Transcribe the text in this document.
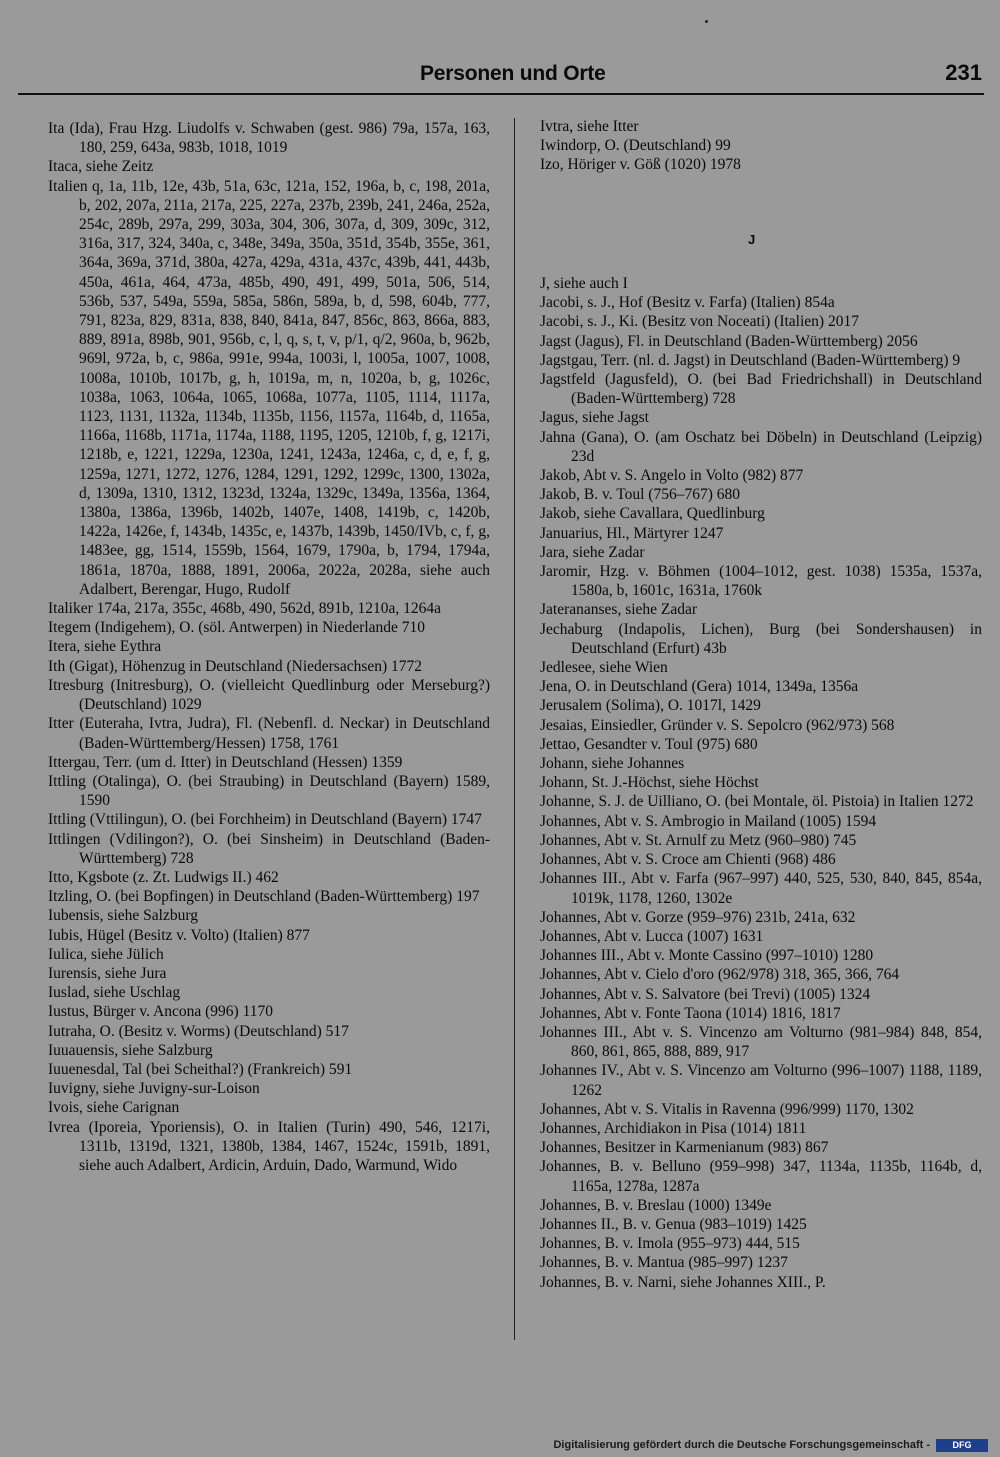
Personen und Orte	231
Ita (Ida), Frau Hzg. Liudolfs v. Schwaben (gest. 986) 79a, 157a, 163, 180, 259, 643a, 983b, 1018, 1019
Itaca, siehe Zeitz
Italien q, 1a, 11b, 12e, 43b, 51a, 63c, 121a, 152, 196a, b, c, 198, 201a, b, 202, 207a, 211a, 217a, 225, 227a, 237b, 239b, 241, 246a, 252a, 254c, 289b, 297a, 299, 303a, 304, 306, 307a, d, 309, 309c, 312, 316a, 317, 324, 340a, c, 348e, 349a, 350a, 351d, 354b, 355e, 361, 364a, 369a, 371d, 380a, 427a, 429a, 431a, 437c, 439b, 441, 443b, 450a, 461a, 464, 473a, 485b, 490, 491, 499, 501a, 506, 514, 536b, 537, 549a, 559a, 585a, 586n, 589a, b, d, 598, 604b, 777, 791, 823a, 829, 831a, 838, 840, 841a, 847, 856c, 863, 866a, 883, 889, 891a, 898b, 901, 956b, c, l, q, s, t, v, p/1, q/2, 960a, b, 962b, 969l, 972a, b, c, 986a, 991e, 994a, 1003i, l, 1005a, 1007, 1008, 1008a, 1010b, 1017b, g, h, 1019a, m, n, 1020a, b, g, 1026c, 1038a, 1063, 1064a, 1065, 1068a, 1077a, 1105, 1114, 1117a, 1123, 1131, 1132a, 1134b, 1135b, 1156, 1157a, 1164b, d, 1165a, 1166a, 1168b, 1171a, 1174a, 1188, 1195, 1205, 1210b, f, g, 1217i, 1218b, e, 1221, 1229a, 1230a, 1241, 1243a, 1246a, c, d, e, f, g, 1259a, 1271, 1272, 1276, 1284, 1291, 1292, 1299c, 1300, 1302a, d, 1309a, 1310, 1312, 1323d, 1324a, 1329c, 1349a, 1356a, 1364, 1380a, 1386a, 1396b, 1402b, 1407e, 1408, 1419b, c, 1420b, 1422a, 1426e, f, 1434b, 1435c, e, 1437b, 1439b, 1450/IVb, c, f, g, 1483ee, gg, 1514, 1559b, 1564, 1679, 1790a, b, 1794, 1794a, 1861a, 1870a, 1888, 1891, 2006a, 2022a, 2028a, siehe auch Adalbert, Berengar, Hugo, Rudolf
Italiker 174a, 217a, 355c, 468b, 490, 562d, 891b, 1210a, 1264a
Itegem (Indigehem), O. (söl. Antwerpen) in Niederlande 710
Itera, siehe Eythra
Ith (Gigat), Höhenzug in Deutschland (Niedersachsen) 1772
Itresburg (Initresburg), O. (vielleicht Quedlinburg oder Merseburg?) (Deutschland) 1029
Itter (Euteraha, Ivtra, Judra), Fl. (Nebenfl. d. Neckar) in Deutschland (Baden-Württemberg/Hessen) 1758, 1761
Ittergau, Terr. (um d. Itter) in Deutschland (Hessen) 1359
Ittling (Otalinga), O. (bei Straubing) in Deutschland (Bayern) 1589, 1590
Ittling (Vttilingun), O. (bei Forchheim) in Deutschland (Bayern) 1747
Ittlingen (Vdilingon?), O. (bei Sinsheim) in Deutschland (Baden-Württemberg) 728
Itto, Kgsbote (z. Zt. Ludwigs II.) 462
Itzling, O. (bei Bopfingen) in Deutschland (Baden-Württemberg) 197
Iubensis, siehe Salzburg
Iubis, Hügel (Besitz v. Volto) (Italien) 877
Iulica, siehe Jülich
Iurensis, siehe Jura
Iuslad, siehe Uschlag
Iustus, Bürger v. Ancona (996) 1170
Iutraha, O. (Besitz v. Worms) (Deutschland) 517
Iuuauensis, siehe Salzburg
Iuuenesdal, Tal (bei Scheithal?) (Frankreich) 591
Iuvigny, siehe Juvigny-sur-Loison
Ivois, siehe Carignan
Ivrea (Iporeia, Yporiensis), O. in Italien (Turin) 490, 546, 1217i, 1311b, 1319d, 1321, 1380b, 1384, 1467, 1524c, 1591b, 1891, siehe auch Adalbert, Ardicin, Arduin, Dado, Warmund, Wido
Ivtra, siehe Itter
Iwindorp, O. (Deutschland) 99
Izo, Höriger v. Göß (1020) 1978
J
J, siehe auch I
Jacobi, s. J., Hof (Besitz v. Farfa) (Italien) 854a
Jacobi, s. J., Ki. (Besitz von Noceati) (Italien) 2017
Jagst (Jagus), Fl. in Deutschland (Baden-Württemberg) 2056
Jagstgau, Terr. (nl. d. Jagst) in Deutschland (Baden-Württemberg) 9
Jagstfeld (Jagusfeld), O. (bei Bad Friedrichshall) in Deutschland (Baden-Württemberg) 728
Jagus, siehe Jagst
Jahna (Gana), O. (am Oschatz bei Döbeln) in Deutschland (Leipzig) 23d
Jakob, Abt v. S. Angelo in Volto (982) 877
Jakob, B. v. Toul (756–767) 680
Jakob, siehe Cavallara, Quedlinburg
Januarius, Hl., Märtyrer 1247
Jara, siehe Zadar
Jaromir, Hzg. v. Böhmen (1004–1012, gest. 1038) 1535a, 1537a, 1580a, b, 1601c, 1631a, 1760k
Jaterananses, siehe Zadar
Jechaburg (Indapolis, Lichen), Burg (bei Sondershausen) in Deutschland (Erfurt) 43b
Jedlesee, siehe Wien
Jena, O. in Deutschland (Gera) 1014, 1349a, 1356a
Jerusalem (Solima), O. 1017l, 1429
Jesaias, Einsiedler, Gründer v. S. Sepolcro (962/973) 568
Jettao, Gesandter v. Toul (975) 680
Johann, siehe Johannes
Johann, St. J.-Höchst, siehe Höchst
Johanne, S. J. de Uilliano, O. (bei Montale, öl. Pistoia) in Italien 1272
Johannes, Abt v. S. Ambrogio in Mailand (1005) 1594
Johannes, Abt v. St. Arnulf zu Metz (960–980) 745
Johannes, Abt v. S. Croce am Chienti (968) 486
Johannes III., Abt v. Farfa (967–997) 440, 525, 530, 840, 845, 854a, 1019k, 1178, 1260, 1302e
Johannes, Abt v. Gorze (959–976) 231b, 241a, 632
Johannes, Abt v. Lucca (1007) 1631
Johannes III., Abt v. Monte Cassino (997–1010) 1280
Johannes, Abt v. Cielo d'oro (962/978) 318, 365, 366, 764
Johannes, Abt v. S. Salvatore (bei Trevi) (1005) 1324
Johannes, Abt v. Fonte Taona (1014) 1816, 1817
Johannes III., Abt v. S. Vincenzo am Volturno (981–984) 848, 854, 860, 861, 865, 888, 889, 917
Johannes IV., Abt v. S. Vincenzo am Volturno (996–1007) 1188, 1189, 1262
Johannes, Abt v. S. Vitalis in Ravenna (996/999) 1170, 1302
Johannes, Archidiakon in Pisa (1014) 1811
Johannes, Besitzer in Karmenianum (983) 867
Johannes, B. v. Belluno (959–998) 347, 1134a, 1135b, 1164b, d, 1165a, 1278a, 1287a
Johannes, B. v. Breslau (1000) 1349e
Johannes II., B. v. Genua (983–1019) 1425
Johannes, B. v. Imola (955–973) 444, 515
Johannes, B. v. Mantua (985–997) 1237
Johannes, B. v. Narni, siehe Johannes XIII., P.
Digitalisierung gefördert durch die Deutsche Forschungsgemeinschaft -	DFG
